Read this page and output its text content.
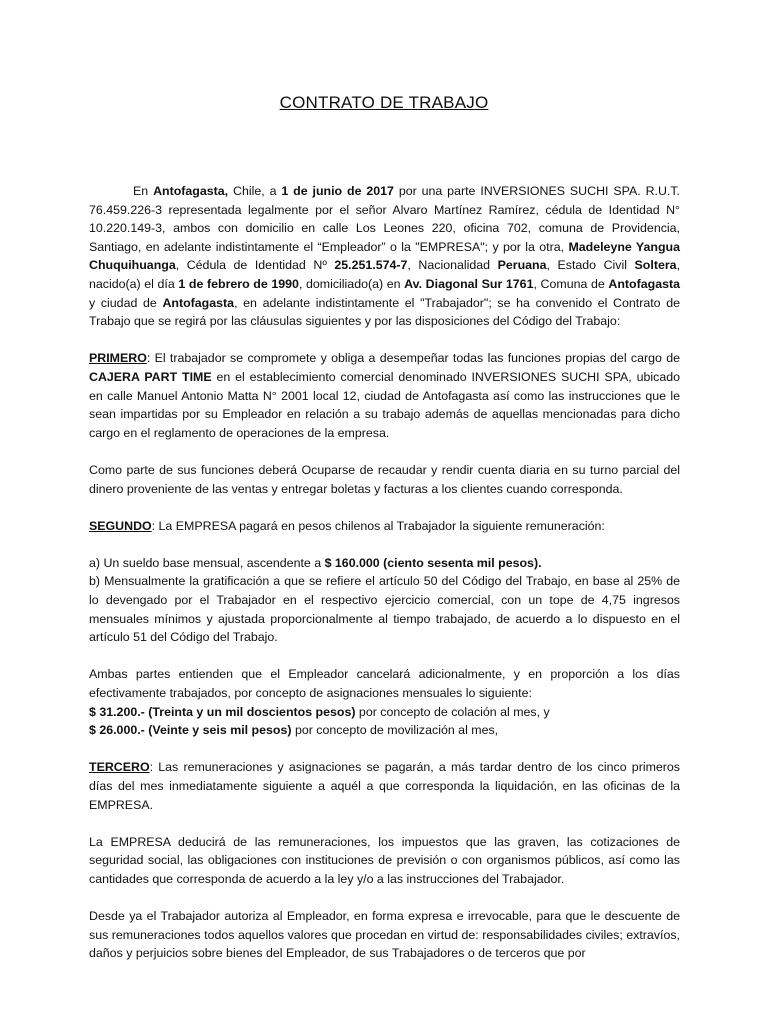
CONTRATO DE TRABAJO

En Antofagasta, Chile, a 1 de junio de 2017 por una parte INVERSIONES SUCHI SPA. R.U.T. 76.459.226-3 representada legalmente por el señor Alvaro Martínez Ramírez, cédula de Identidad N° 10.220.149-3, ambos con domicilio en calle Los Leones 220, oficina 702, comuna de Providencia, Santiago, en adelante indistintamente el “Empleador” o la "EMPRESA"; y por la otra, Madeleyne Yangua Chuquihuanga, Cédula de Identidad Nº 25.251.574-7, Nacionalidad Peruana, Estado Civil Soltera, nacido(a) el día 1 de febrero de 1990, domiciliado(a) en Av. Diagonal Sur 1761, Comuna de Antofagasta y ciudad de Antofagasta, en adelante indistintamente el "Trabajador"; se ha convenido el Contrato de Trabajo que se regirá por las cláusulas siguientes y por las disposiciones del Código del Trabajo:

PRIMERO: El trabajador se compromete y obliga a desempeñar todas las funciones propias del cargo de CAJERA PART TIME en el establecimiento comercial denominado INVERSIONES SUCHI SPA, ubicado en calle Manuel Antonio Matta N° 2001 local 12, ciudad de Antofagasta así como las instrucciones que le sean impartidas por su Empleador en relación a su trabajo además de aquellas mencionadas para dicho cargo en el reglamento de operaciones de la empresa.

Como parte de sus funciones deberá Ocuparse de recaudar y rendir cuenta diaria en su turno parcial del dinero proveniente de las ventas y entregar boletas y facturas a los clientes cuando corresponda.

SEGUNDO: La EMPRESA pagará en pesos chilenos al Trabajador la siguiente remuneración:

a) Un sueldo base mensual, ascendente a $ 160.000 (ciento sesenta mil pesos).

b) Mensualmente la gratificación a que se refiere el artículo 50 del Código del Trabajo, en base al 25% de lo devengado por el Trabajador en el respectivo ejercicio comercial, con un tope de 4,75 ingresos mensuales mínimos y ajustada proporcionalmente al tiempo trabajado, de acuerdo a lo dispuesto en el artículo 51 del Código del Trabajo.

Ambas partes entienden que el Empleador cancelará adicionalmente, y en proporción a los días efectivamente trabajados, por concepto de asignaciones mensuales lo siguiente:

$ 31.200.- (Treinta y un mil doscientos pesos) por concepto de colación al mes, y

$ 26.000.- (Veinte y seis mil pesos) por concepto de movilización al mes,

TERCERO: Las remuneraciones y asignaciones se pagarán, a más tardar dentro de los cinco primeros días del mes inmediatamente siguiente a aquél a que corresponda la liquidación, en las oficinas de la EMPRESA.

La EMPRESA deducirá de las remuneraciones, los impuestos que las graven, las cotizaciones de seguridad social, las obligaciones con instituciones de previsión o con organismos públicos, así como las cantidades que corresponda de acuerdo a la ley y/o a las instrucciones del Trabajador.

Desde ya el Trabajador autoriza al Empleador, en forma expresa e irrevocable, para que le descuente de sus remuneraciones todos aquellos valores que procedan en virtud de: responsabilidades civiles; extravíos, daños y perjuicios sobre bienes del Empleador, de sus Trabajadores o de terceros que por
